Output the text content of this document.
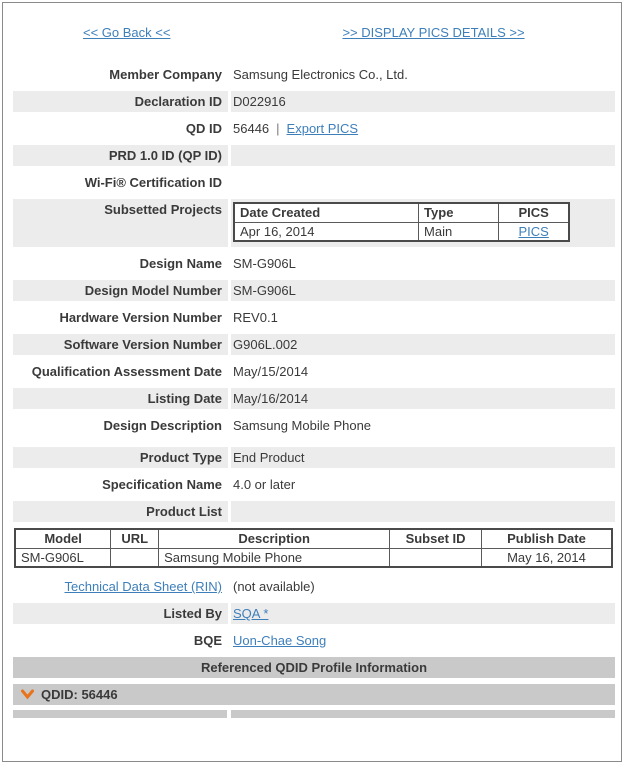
<< Go Back <<	>> DISPLAY PICS DETAILS >>
Member Company Samsung Electronics Co., Ltd.
Declaration ID D022916
QD ID 56446 | Export PICS
PRD 1.0 ID (QP ID)
Wi-Fi® Certification ID
Subsetted Projects	Date Created	Type	PICS
Apr 16, 2014	Main	PICS
Design Name SM-G906L
Design Model Number SM-G906L
Hardware Version Number REV0.1
Software Version Number G906L.002
Qualification Assessment Date May/15/2014
Listing Date May/16/2014
Design Description Samsung Mobile Phone
Product Type End Product
Specification Name 4.0 or later
Product List
Model	URL	Description	Subset ID	Publish Date
SM-G906L		Samsung Mobile Phone		May 16, 2014
Technical Data Sheet (RIN) (not available)
Listed By SQA *
BQE Uon-Chae Song
Referenced QDID Profile Information
QDID: 56446
